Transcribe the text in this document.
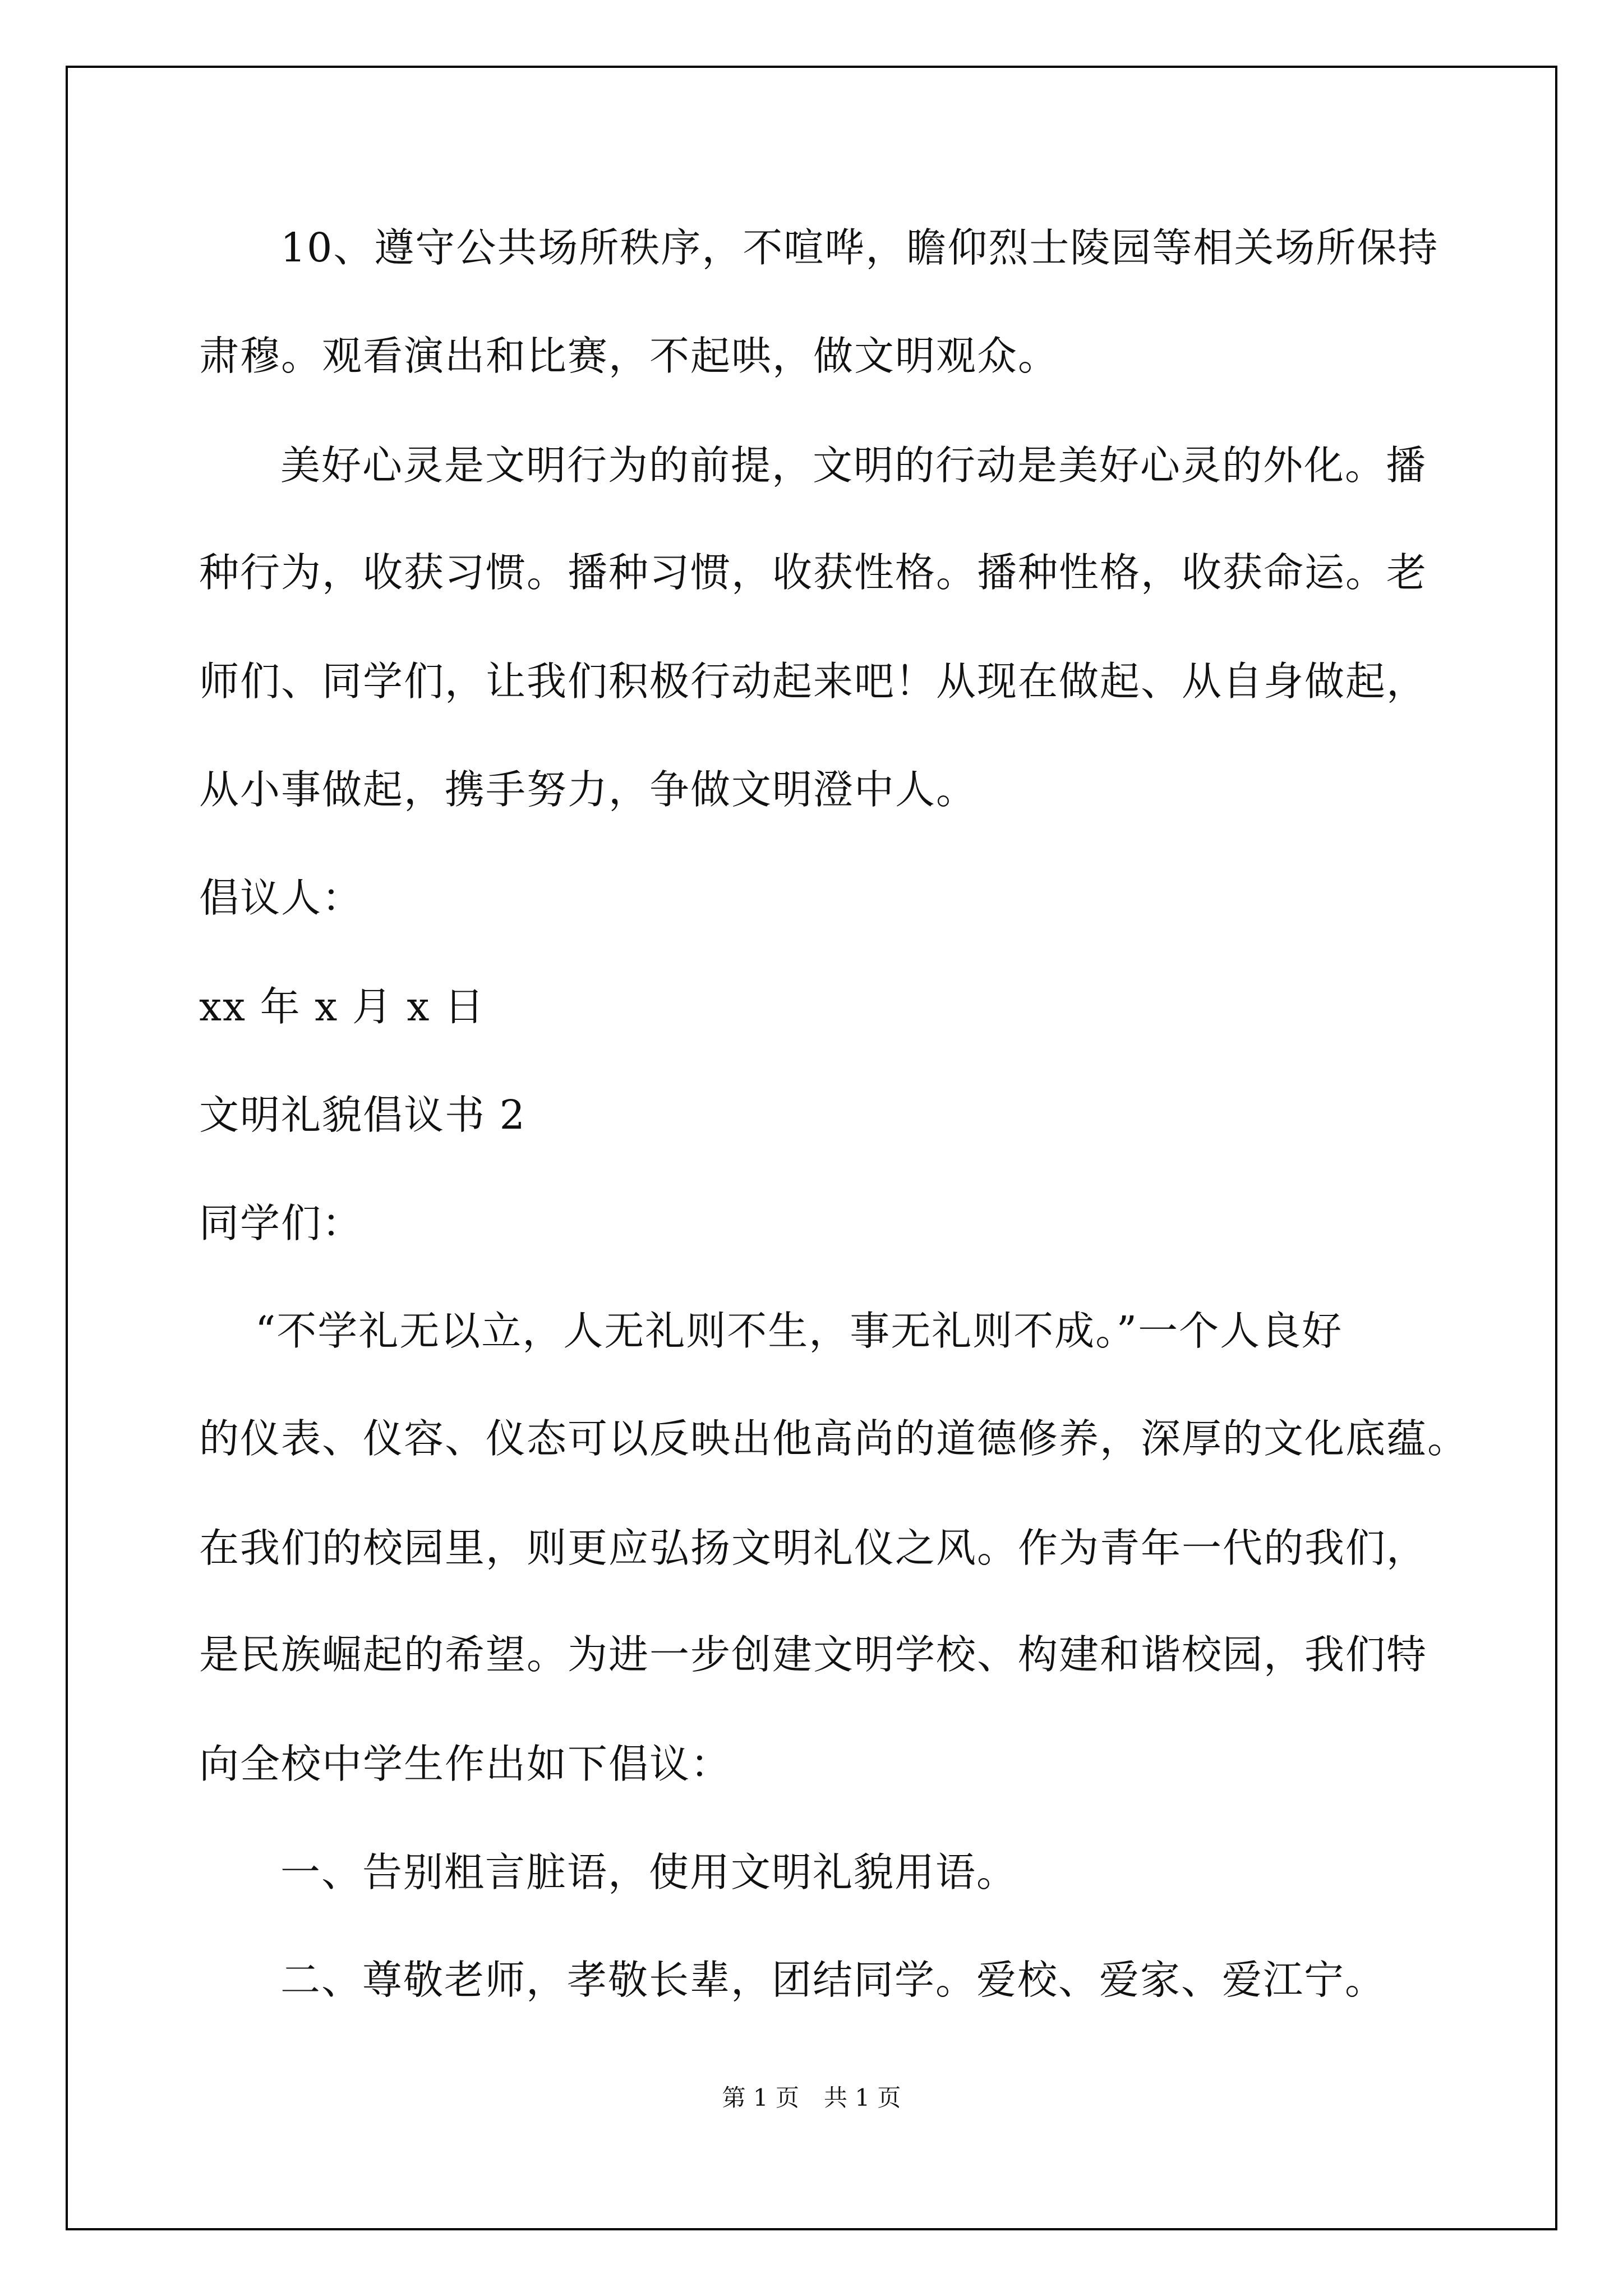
10、遵守公共场所秩序，不喧哗，瞻仰烈士陵园等相关场所保持
肃穆。观看演出和比赛，不起哄，做文明观众。
美好心灵是文明行为的前提，文明的行动是美好心灵的外化。播
种行为，收获习惯。播种习惯，收获性格。播种性格，收获命运。老
师们、同学们，让我们积极行动起来吧！从现在做起、从自身做起，
从小事做起，携手努力，争做文明澄中人。
倡议人：
xx 年 x 月 x 日
文明礼貌倡议书 2
同学们：
“不学礼无以立，人无礼则不生，事无礼则不成。”一个人良好
的仪表、仪容、仪态可以反映出他高尚的道德修养，深厚的文化底蕴。
在我们的校园里，则更应弘扬文明礼仪之风。作为青年一代的我们，
是民族崛起的希望。为进一步创建文明学校、构建和谐校园，我们特
向全校中学生作出如下倡议：
一、告别粗言脏语，使用文明礼貌用语。
二、尊敬老师，孝敬长辈，团结同学。爱校、爱家、爱江宁。
第 1 页 共 1 页
